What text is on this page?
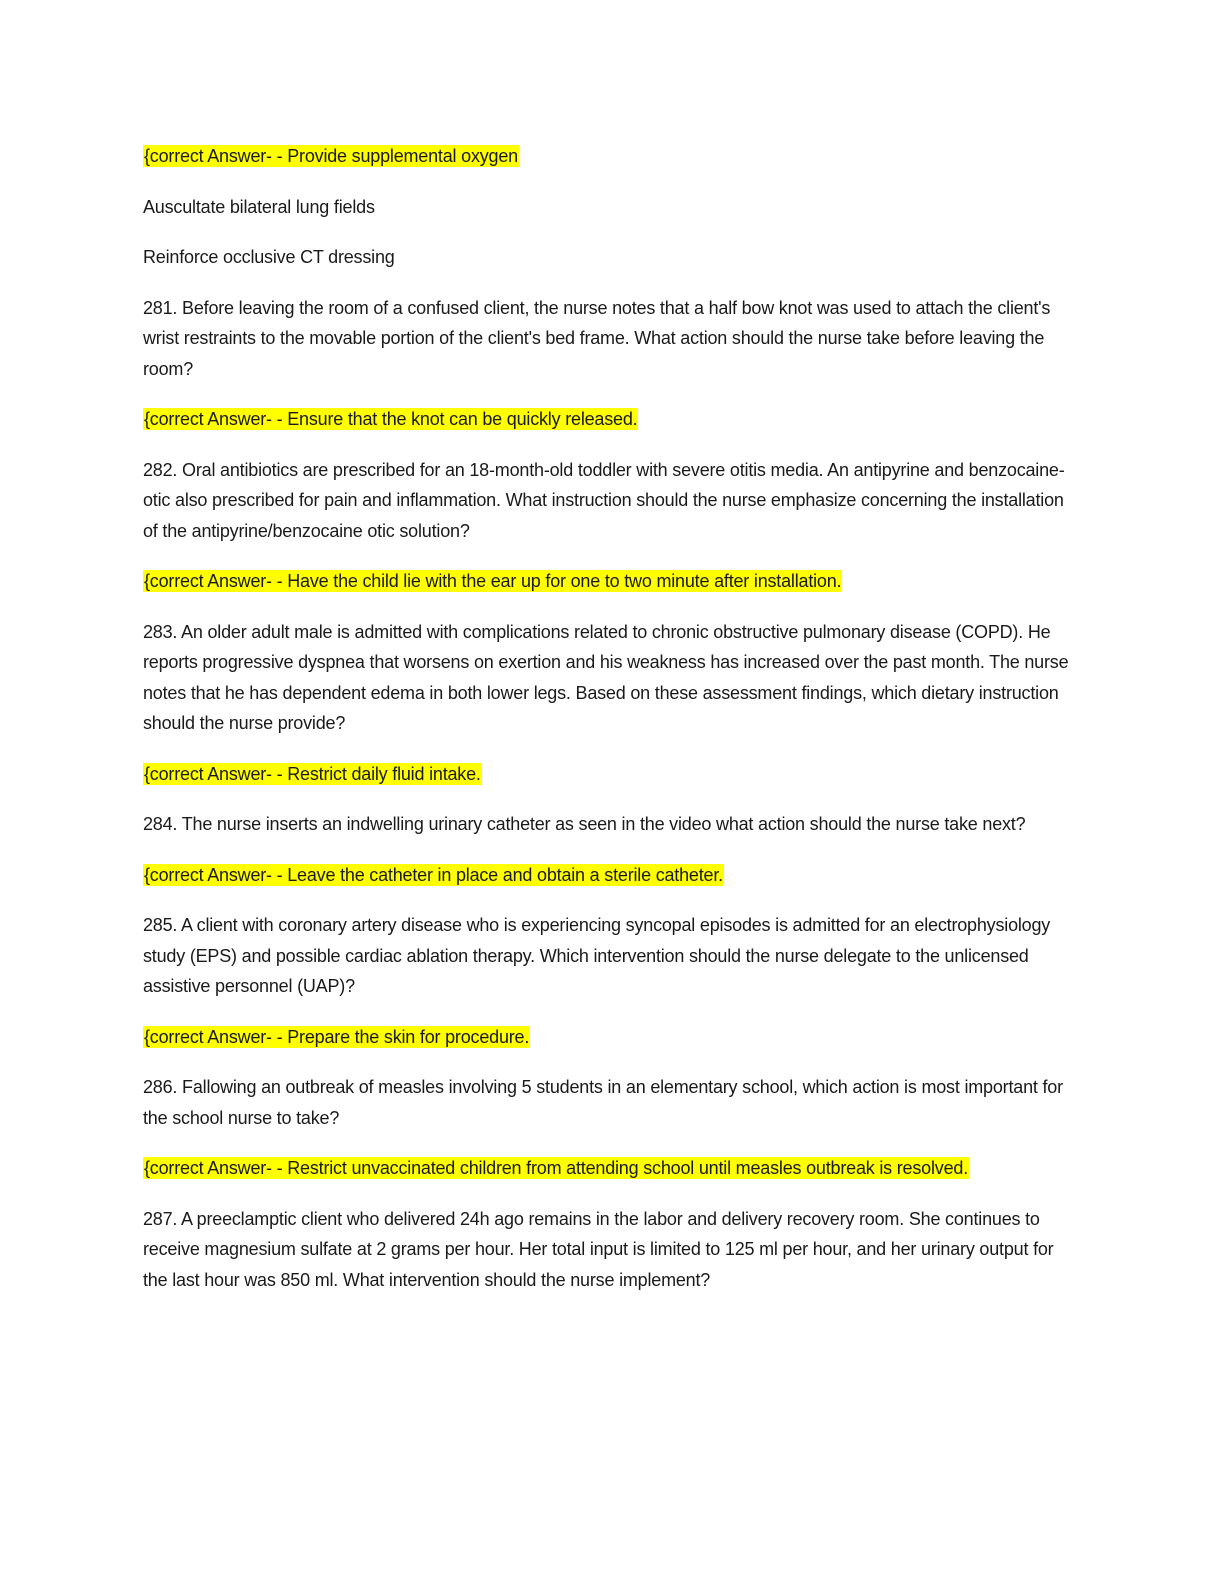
{correct Answer- - Provide supplemental oxygen

Auscultate bilateral lung fields

Reinforce occlusive CT dressing

281. Before leaving the room of a confused client, the nurse notes that a half bow knot was used to attach the client's wrist restraints to the movable portion of the client's bed frame. What action should the nurse take before leaving the room?

{correct Answer- - Ensure that the knot can be quickly released.

282. Oral antibiotics are prescribed for an 18-month-old toddler with severe otitis media. An antipyrine and benzocaine-otic also prescribed for pain and inflammation. What instruction should the nurse emphasize concerning the installation of the antipyrine/benzocaine otic solution?

{correct Answer- - Have the child lie with the ear up for one to two minute after installation.

283. An older adult male is admitted with complications related to chronic obstructive pulmonary disease (COPD). He reports progressive dyspnea that worsens on exertion and his weakness has increased over the past month. The nurse notes that he has dependent edema in both lower legs. Based on these assessment findings, which dietary instruction should the nurse provide?

{correct Answer- - Restrict daily fluid intake.

284. The nurse inserts an indwelling urinary catheter as seen in the video what action should the nurse take next?

{correct Answer- - Leave the catheter in place and obtain a sterile catheter.

285. A client with coronary artery disease who is experiencing syncopal episodes is admitted for an electrophysiology study (EPS) and possible cardiac ablation therapy. Which intervention should the nurse delegate to the unlicensed assistive personnel (UAP)?

{correct Answer- - Prepare the skin for procedure.

286. Fallowing an outbreak of measles involving 5 students in an elementary school, which action is most important for the school nurse to take?

{correct Answer- - Restrict unvaccinated children from attending school until measles outbreak is resolved.

287. A preeclamptic client who delivered 24h ago remains in the labor and delivery recovery room. She continues to receive magnesium sulfate at 2 grams per hour. Her total input is limited to 125 ml per hour, and her urinary output for the last hour was 850 ml. What intervention should the nurse implement?
